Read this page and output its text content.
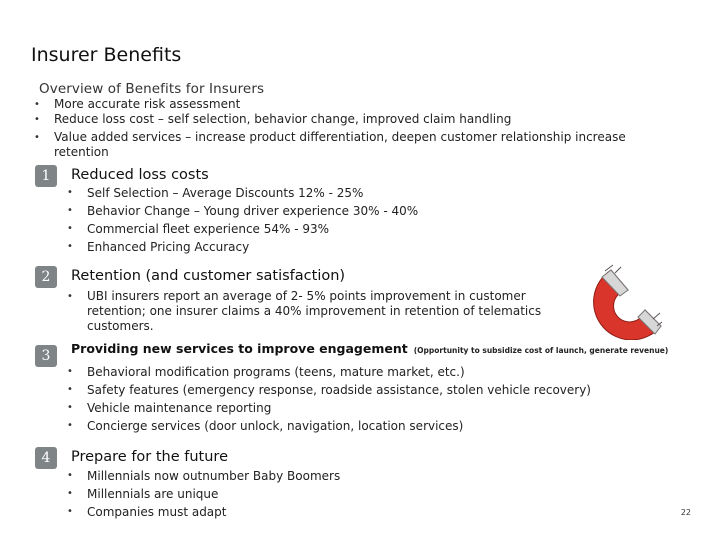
Insurer Benefits
Overview of Benefits for Insurers
• More accurate risk assessment
• Reduce loss cost – self selection, behavior change, improved claim handling
• Value added services – increase product differentiation, deepen customer relationship increase retention
1	Reduced loss costs
• Self Selection – Average Discounts 12% - 25%
• Behavior Change – Young driver experience 30% - 40%
• Commercial fleet experience 54% - 93%
• Enhanced Pricing Accuracy
2	Retention (and customer satisfaction)
• UBI insurers report an average of 2- 5% points improvement in customer retention; one insurer claims a 40% improvement in retention of telematics customers.
3	Providing new services to improve engagement (Opportunity to subsidize cost of launch, generate revenue)
• Behavioral modification programs (teens, mature market, etc.)
• Safety features (emergency response, roadside assistance, stolen vehicle recovery)
• Vehicle maintenance reporting
• Concierge services (door unlock, navigation, location services)
4	Prepare for the future
• Millennials now outnumber Baby Boomers
• Millennials are unique
• Companies must adapt	22
